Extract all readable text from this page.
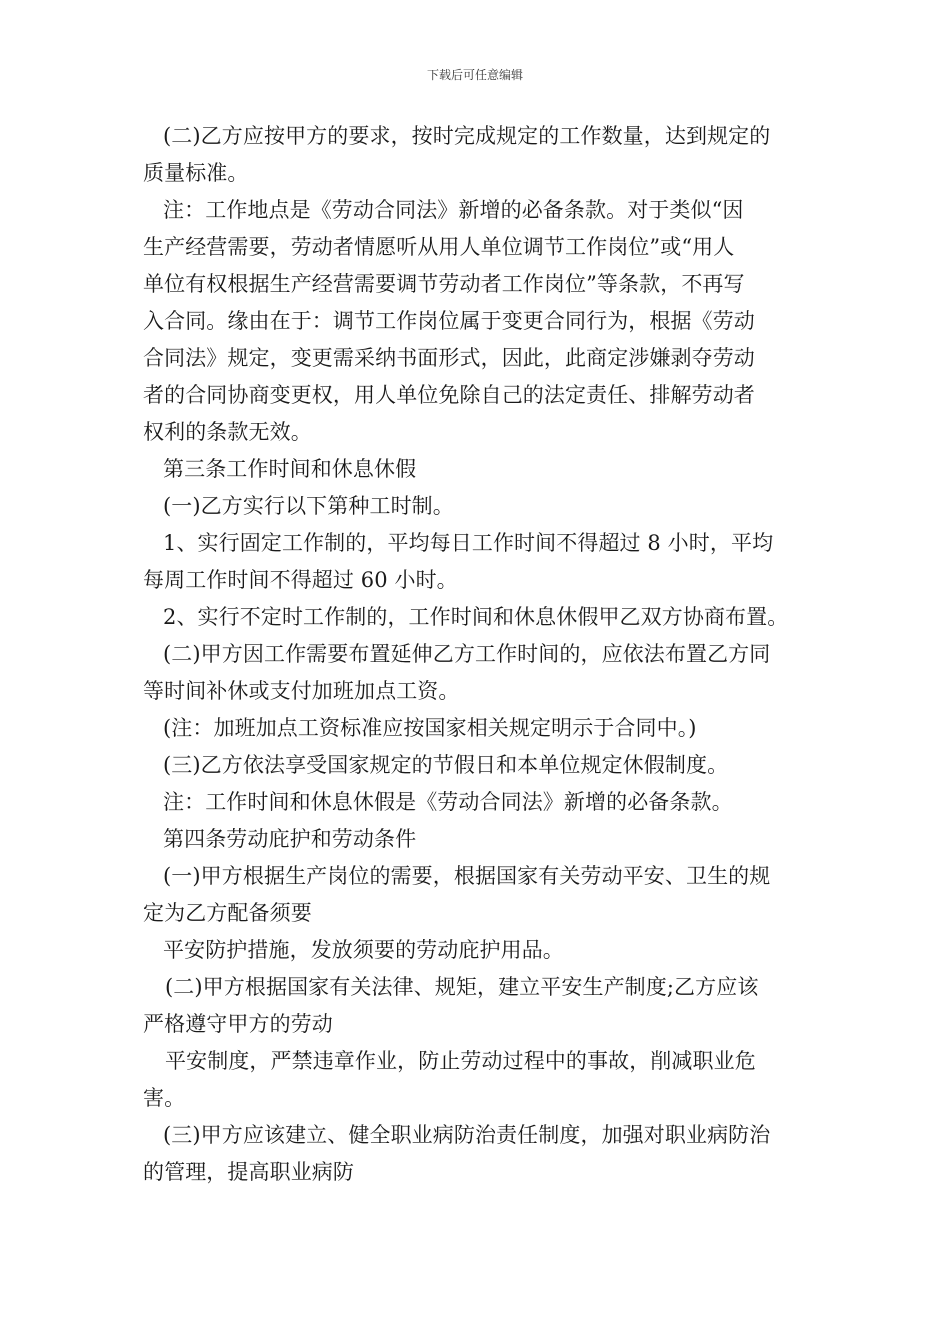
下载后可任意编辑
(二)乙方应按甲方的要求，按时完成规定的工作数量，达到规定的
质量标准。
注：工作地点是《劳动合同法》新增的必备条款。对于类似“因
生产经营需要，劳动者情愿听从用人单位调节工作岗位”或“用人
单位有权根据生产经营需要调节劳动者工作岗位”等条款，不再写
入合同。缘由在于：调节工作岗位属于变更合同行为，根据《劳动
合同法》规定，变更需采纳书面形式，因此，此商定涉嫌剥夺劳动
者的合同协商变更权，用人单位免除自己的法定责任、排解劳动者
权利的条款无效。
第三条工作时间和休息休假
(一)乙方实行以下第种工时制。
1、实行固定工作制的，平均每日工作时间不得超过 8 小时，平均
每周工作时间不得超过 60 小时。
2、实行不定时工作制的，工作时间和休息休假甲乙双方协商布置。
(二)甲方因工作需要布置延伸乙方工作时间的，应依法布置乙方同
等时间补休或支付加班加点工资。
(注：加班加点工资标准应按国家相关规定明示于合同中。)
(三)乙方依法享受国家规定的节假日和本单位规定休假制度。
注：工作时间和休息休假是《劳动合同法》新增的必备条款。
第四条劳动庇护和劳动条件
(一)甲方根据生产岗位的需要，根据国家有关劳动平安、卫生的规
定为乙方配备须要
平安防护措施，发放须要的劳动庇护用品。
(二)甲方根据国家有关法律、规矩，建立平安生产制度;乙方应该
严格遵守甲方的劳动
平安制度，严禁违章作业，防止劳动过程中的事故，削减职业危
害。
(三)甲方应该建立、健全职业病防治责任制度，加强对职业病防治
的管理，提高职业病防
